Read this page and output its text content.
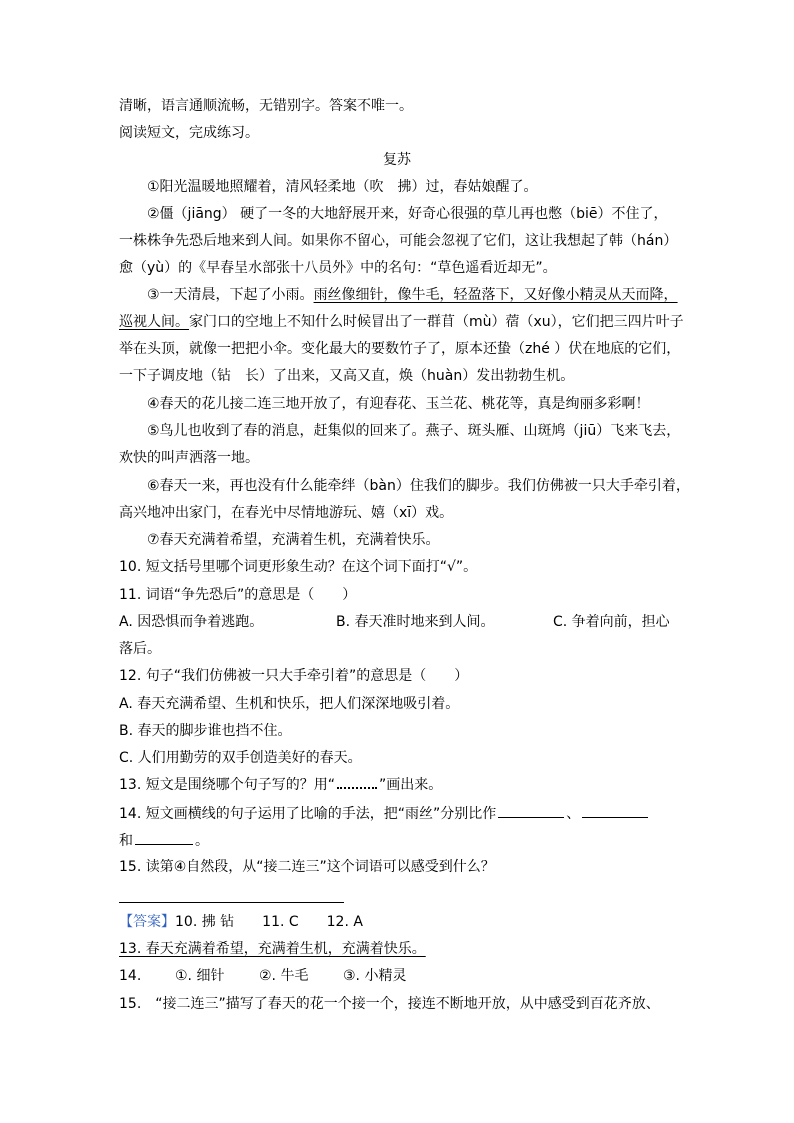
清晰，语言通顺流畅，无错别字。答案不唯一。
阅读短文，完成练习。
复苏
①阳光温暖地照耀着，清风轻柔地（吹　拂）过，春姑娘醒了。
②僵（jiāng） 硬了一冬的大地舒展开来，好奇心很强的草儿再也憋（biē）不住了，
一株株争先恐后地来到人间。如果你不留心，可能会忽视了它们，这让我想起了韩（hán）
愈（yù）的《早春呈水部张十八员外》中的名句：“草色遥看近却无”。
③一天清晨，下起了小雨。雨丝像细针，像牛毛，轻盈落下，又好像小精灵从天而降，
巡视人间。家门口的空地上不知什么时候冒出了一群苜（mù）蓿（xu），它们把三四片叶子
举在头顶，就像一把把小伞。变化最大的要数竹子了，原本还蛰（zhé ）伏在地底的它们，
一下子调皮地（钻　长）了出来，又高又直，焕（huàn）发出勃勃生机。
④春天的花儿接二连三地开放了，有迎春花、玉兰花、桃花等，真是绚丽多彩啊！
⑤鸟儿也收到了春的消息，赶集似的回来了。燕子、斑头雁、山斑鸠（jiū）飞来飞去，
欢快的叫声洒落一地。
⑥春天一来，再也没有什么能牵绊（bàn）住我们的脚步。我们仿佛被一只大手牵引着，
高兴地冲出家门，在春光中尽情地游玩、嬉（xī）戏。
⑦春天充满着希望，充满着生机，充满着快乐。
10. 短文括号里哪个词更形象生动？在这个词下面打“√”。
11. 词语“争先恐后”的意思是（　　）
A. 因恐惧而争着逃跑。	B. 春天准时地来到人间。	C. 争着向前，担心
落后。
12. 句子“我们仿佛被一只大手牵引着”的意思是（　　）
A. 春天充满希望、生机和快乐，把人们深深地吸引着。
B. 春天的脚步谁也挡不住。
C. 人们用勤劳的双手创造美好的春天。
13. 短文是围绕哪个句子写的？用“	”画出来。
14. 短文画横线的句子运用了比喻的手法，把“雨丝”分别比作	、
和	。
15. 读第④自然段，从“接二连三”这个词语可以感受到什么？
【答案】10. 拂 钻　　11. C　　12. A
13. 春天充满着希望，充满着生机，充满着快乐。
14. ①. 细针 ②. 牛毛 ③. 小精灵
15.　“接二连三”描写了春天的花一个接一个，接连不断地开放，从中感受到百花齐放、
